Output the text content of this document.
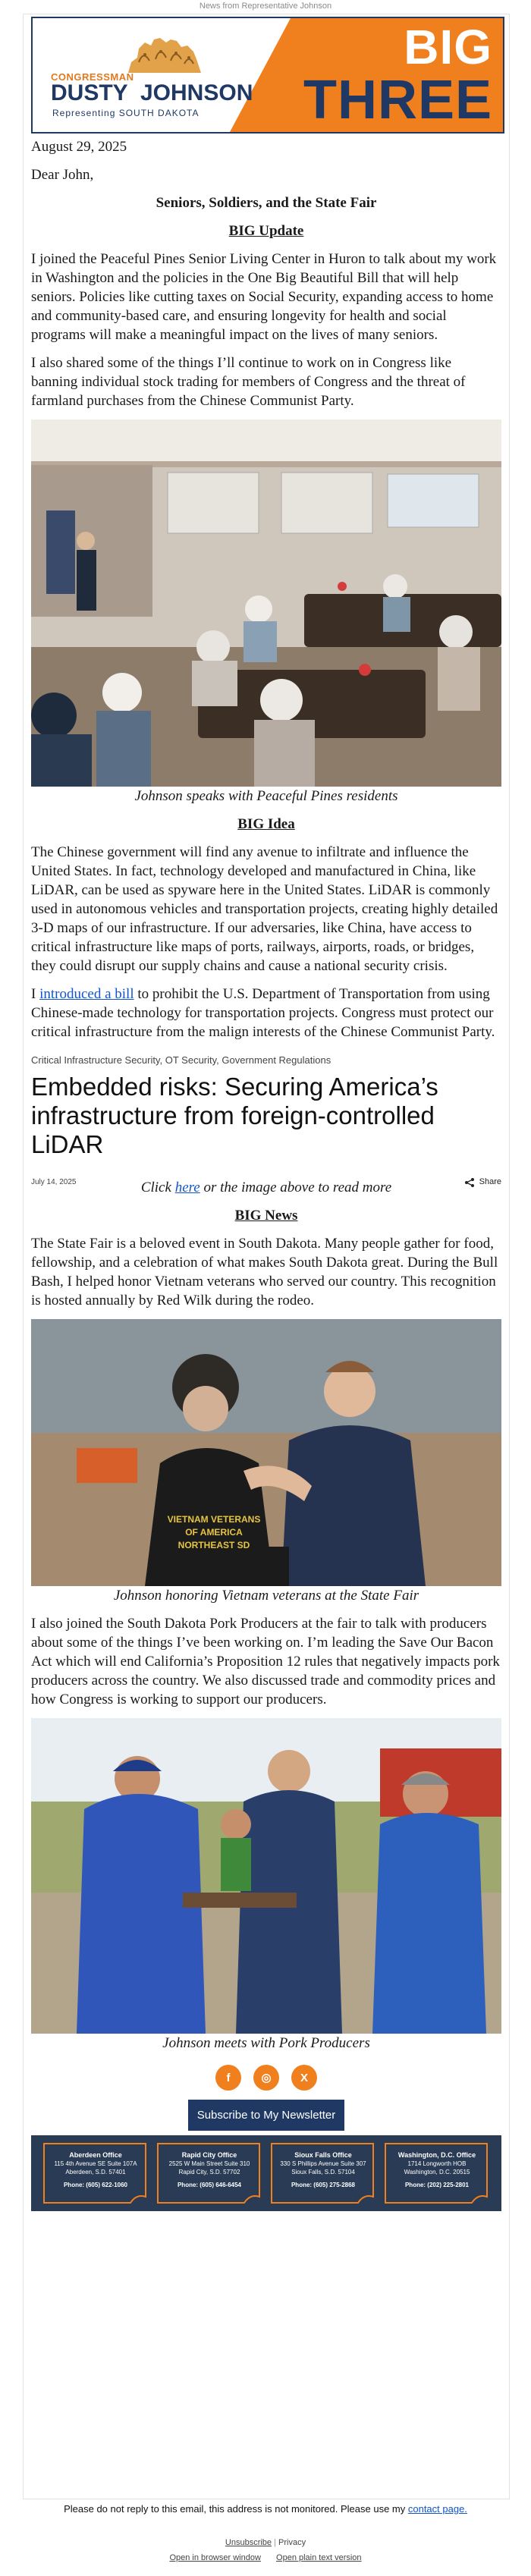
News from Representative Johnson
BIG
THREE
CONGRESSMAN
DUSTY JOHNSON
Representing SOUTH DAKOTA

August 29, 2025

Dear John,

Seniors, Soldiers, and the State Fair

BIG Update

I joined the Peaceful Pines Senior Living Center in Huron to talk about my work in Washington and the policies in the One Big Beautiful Bill that will help seniors. Policies like cutting taxes on Social Security, expanding access to home and community-based care, and ensuring longevity for health and social programs will make a meaningful impact on the lives of many seniors.

I also shared some of the things I’ll continue to work on in Congress like banning individual stock trading for members of Congress and the threat of farmland purchases from the Chinese Communist Party.

Johnson speaks with Peaceful Pines residents

BIG Idea

The Chinese government will find any avenue to infiltrate and influence the United States. In fact, technology developed and manufactured in China, like LiDAR, can be used as spyware here in the United States. LiDAR is commonly used in autonomous vehicles and transportation projects, creating highly detailed 3-D maps of our infrastructure. If our adversaries, like China, have access to critical infrastructure like maps of ports, railways, airports, roads, or bridges, they could disrupt our supply chains and cause a national security crisis.

I introduced a bill to prohibit the U.S. Department of Transportation from using Chinese-made technology for transportation projects. Congress must protect our critical infrastructure from the malign interests of the Chinese Communist Party.

Critical Infrastructure Security, OT Security, Government Regulations
Embedded risks: Securing America’s infrastructure from foreign-controlled LiDAR
July 14, 2025	Share

Click here or the image above to read more

BIG News

The State Fair is a beloved event in South Dakota. Many people gather for food, fellowship, and a celebration of what makes South Dakota great. During the Bull Bash, I helped honor Vietnam veterans who served our country. This recognition is hosted annually by Red Wilk during the rodeo.

VIETNAM VETERANS OF AMERICA NORTHEAST SD

Johnson honoring Vietnam veterans at the State Fair

I also joined the South Dakota Pork Producers at the fair to talk with producers about some of the things I’ve been working on. I’m leading the Save Our Bacon Act which will end California’s Proposition 12 rules that negatively impacts pork producers across the country. We also discussed trade and commodity prices and how Congress is working to support our producers.

Johnson meets with Pork Producers

f	◎	X
Subscribe to My Newsletter
Aberdeen Office
115 4th Avenue SE Suite 107A
Aberdeen, S.D. 57401
Phone: (605) 622-1060
Rapid City Office
2525 W Main Street Suite 310
Rapid City, S.D. 57702
Phone: (605) 646-6454
Sioux Falls Office
330 S Phillips Avenue Suite 307
Sioux Falls, S.D. 57104
Phone: (605) 275-2868
Washington, D.C. Office
1714 Longworth HOB
Washington, D.C. 20515
Phone: (202) 225-2801
Please do not reply to this email, this address is not monitored. Please use my contact page.
Unsubscribe | Privacy
Open in browser window Open plain text version
